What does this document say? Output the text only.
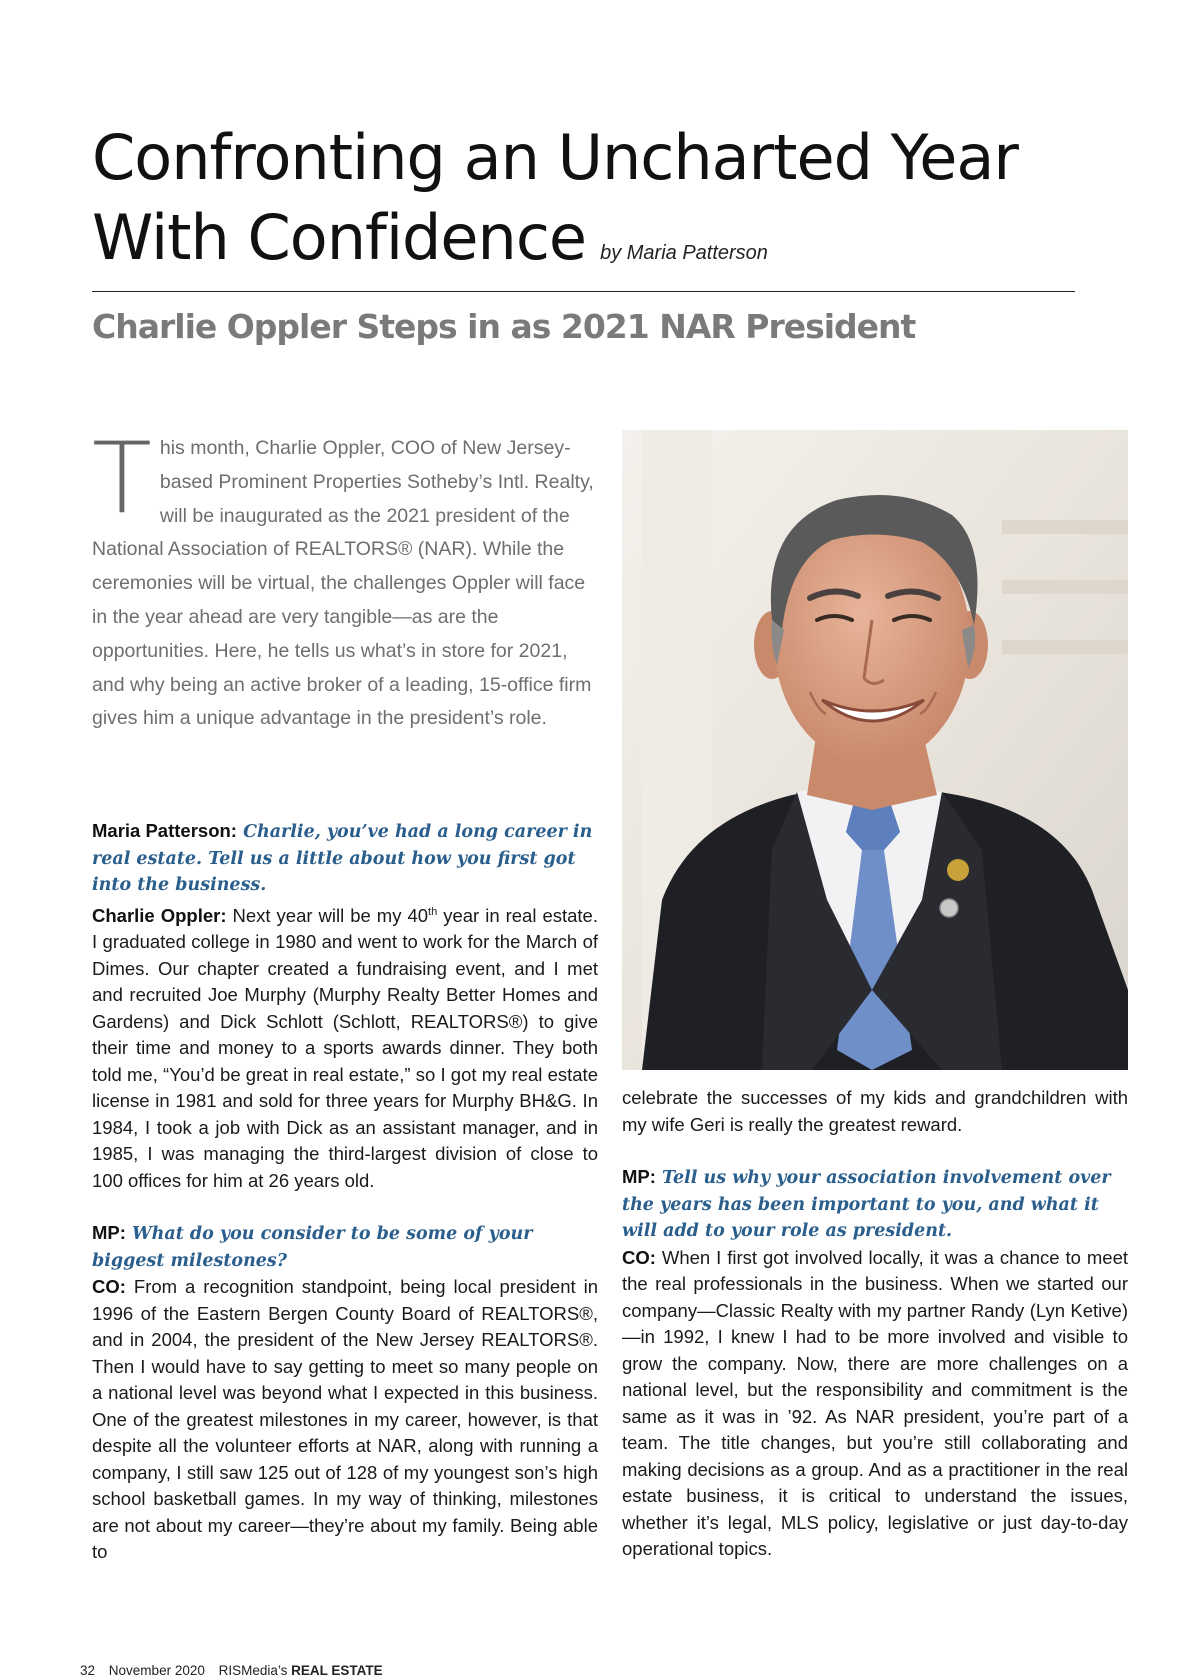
Confronting an Uncharted Year
With Confidence by Maria Patterson
Charlie Oppler Steps in as 2021 NAR President

This month, Charlie Oppler, COO of New Jersey-based Prominent Properties Sotheby’s Intl. Realty, will be inaugurated as the 2021 president of the National Association of REALTORS® (NAR). While the ceremonies will be virtual, the challenges Oppler will face in the year ahead are very tangible—as are the opportunities. Here, he tells us what’s in store for 2021, and why being an active broker of a leading, 15-office firm gives him a unique advantage in the president’s role.

Maria Patterson: Charlie, you’ve had a long career in real estate. Tell us a little about how you first got into the business.

Charlie Oppler: Next year will be my 40th year in real estate. I graduated college in 1980 and went to work for the March of Dimes. Our chapter created a fundraising event, and I met and recruited Joe Murphy (Murphy Realty Better Homes and Gardens) and Dick Schlott (Schlott, REALTORS®) to give their time and money to a sports awards dinner. They both told me, “You’d be great in real estate,” so I got my real estate license in 1981 and sold for three years for Murphy BH&G. In 1984, I took a job with Dick as an assistant manager, and in 1985, I was managing the third-largest division of close to 100 offices for him at 26 years old.

MP: What do you consider to be some of your biggest milestones?

CO: From a recognition standpoint, being local president in 1996 of the Eastern Bergen County Board of REALTORS®, and in 2004, the president of the New Jersey REALTORS®. Then I would have to say getting to meet so many people on a national level was beyond what I expected in this business. One of the greatest milestones in my career, however, is that despite all the volunteer efforts at NAR, along with running a company, I still saw 125 out of 128 of my youngest son’s high school basketball games. In my way of thinking, milestones are not about my career—they’re about my family. Being able to

celebrate the successes of my kids and grandchildren with my wife Geri is really the greatest reward.

MP: Tell us why your association involvement over the years has been important to you, and what it will add to your role as president.

CO: When I first got involved locally, it was a chance to meet the real professionals in the business. When we started our company—Classic Realty with my partner Randy (Lyn Ketive)—in 1992, I knew I had to be more involved and visible to grow the company. Now, there are more challenges on a national level, but the responsibility and commitment is the same as it was in ’92. As NAR president, you’re part of a team. The title changes, but you’re still collaborating and making decisions as a group. And as a practitioner in the real estate business, it is critical to understand the issues, whether it’s legal, MLS policy, legislative or just day-to-day operational topics.

32 November 2020 RISMedia’s REAL ESTATE
